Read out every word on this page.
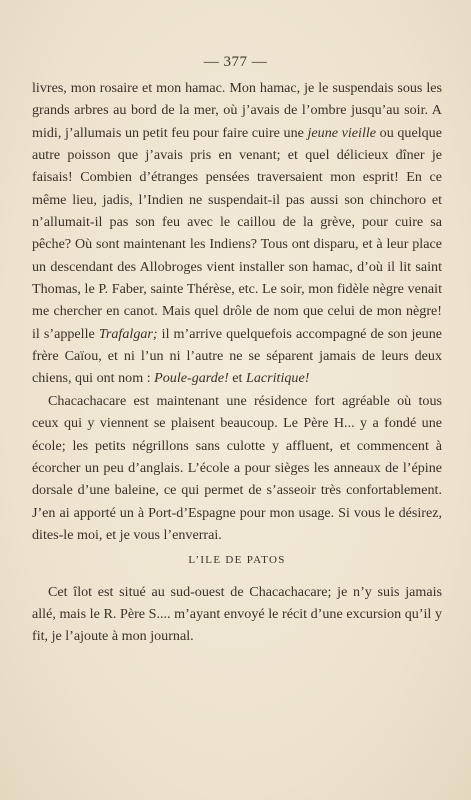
— 377 —

livres, mon rosaire et mon hamac. Mon hamac, je le suspendais sous les grands arbres au bord de la mer, où j’avais de l’ombre jusqu’au soir. A midi, j’allumais un petit feu pour faire cuire une jeune vieille ou quelque autre poisson que j’avais pris en venant; et quel délicieux dîner je faisais! Combien d’étranges pensées traversaient mon esprit! En ce même lieu, jadis, l’Indien ne suspendait-il pas aussi son chinchoro et n’allumait-il pas son feu avec le caillou de la grève, pour cuire sa pêche? Où sont maintenant les Indiens? Tous ont disparu, et à leur place un descendant des Allobroges vient installer son hamac, d’où il lit saint Thomas, le P. Faber, sainte Thérèse, etc. Le soir, mon fidèle nègre venait me chercher en canot. Mais quel drôle de nom que celui de mon nègre! il s’appelle Trafalgar; il m’arrive quelquefois accompagné de son jeune frère Caïou, et ni l’un ni l’autre ne se séparent jamais de leurs deux chiens, qui ont nom : Poule-garde! et Lacritique!

Chacachacare est maintenant une résidence fort agréable où tous ceux qui y viennent se plaisent beaucoup. Le Père H... y a fondé une école; les petits négrillons sans culotte y affluent, et commencent à écorcher un peu d’anglais. L’école a pour sièges les anneaux de l’épine dorsale d’une baleine, ce qui permet de s’asseoir très confortablement. J’en ai apporté un à Port-d’Espagne pour mon usage. Si vous le désirez, dites-le moi, et je vous l’enverrai.

L’ILE DE PATOS

Cet îlot est situé au sud-ouest de Chacachacare; je n’y suis jamais allé, mais le R. Père S.... m’ayant envoyé le récit d’une excursion qu’il y fit, je l’ajoute à mon journal.
